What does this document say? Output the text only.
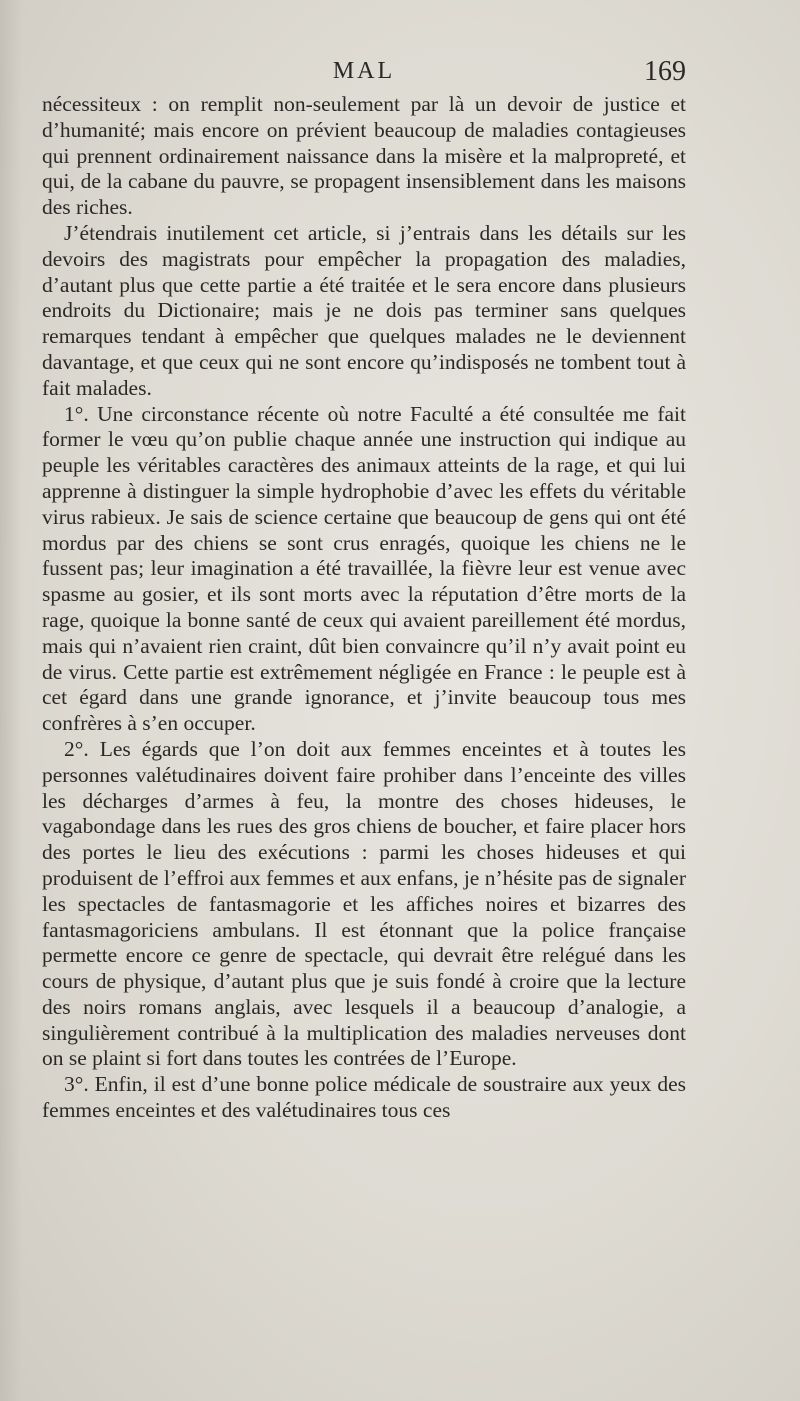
MAL	169

nécessiteux : on remplit non-seulement par là un devoir de justice et d’humanité; mais encore on prévient beaucoup de maladies contagieuses qui prennent ordinairement naissance dans la misère et la malpropreté, et qui, de la cabane du pauvre, se propagent insensiblement dans les maisons des riches.

J’étendrais inutilement cet article, si j’entrais dans les détails sur les devoirs des magistrats pour empêcher la propagation des maladies, d’autant plus que cette partie a été traitée et le sera encore dans plusieurs endroits du Dictionaire; mais je ne dois pas terminer sans quelques remarques tendant à empêcher que quelques malades ne le deviennent davantage, et que ceux qui ne sont encore qu’indisposés ne tombent tout à fait malades.

1°. Une circonstance récente où notre Faculté a été consultée me fait former le vœu qu’on publie chaque année une instruction qui indique au peuple les véritables caractères des animaux atteints de la rage, et qui lui apprenne à distinguer la simple hydrophobie d’avec les effets du véritable virus rabieux. Je sais de science certaine que beaucoup de gens qui ont été mordus par des chiens se sont crus enragés, quoique les chiens ne le fussent pas; leur imagination a été travaillée, la fièvre leur est venue avec spasme au gosier, et ils sont morts avec la réputation d’être morts de la rage, quoique la bonne santé de ceux qui avaient pareillement été mordus, mais qui n’avaient rien craint, dût bien convaincre qu’il n’y avait point eu de virus. Cette partie est extrêmement négligée en France : le peuple est à cet égard dans une grande ignorance, et j’invite beaucoup tous mes confrères à s’en occuper.

2°. Les égards que l’on doit aux femmes enceintes et à toutes les personnes valétudinaires doivent faire prohiber dans l’enceinte des villes les décharges d’armes à feu, la montre des choses hideuses, le vagabondage dans les rues des gros chiens de boucher, et faire placer hors des portes le lieu des exécutions : parmi les choses hideuses et qui produisent de l’effroi aux femmes et aux enfans, je n’hésite pas de signaler les spectacles de fantasmagorie et les affiches noires et bizarres des fantasmagoriciens ambulans. Il est étonnant que la police française permette encore ce genre de spectacle, qui devrait être relégué dans les cours de physique, d’autant plus que je suis fondé à croire que la lecture des noirs romans anglais, avec lesquels il a beaucoup d’analogie, a singulièrement contribué à la multiplication des maladies nerveuses dont on se plaint si fort dans toutes les contrées de l’Europe.

3°. Enfin, il est d’une bonne police médicale de soustraire aux yeux des femmes enceintes et des valétudinaires tous ces
